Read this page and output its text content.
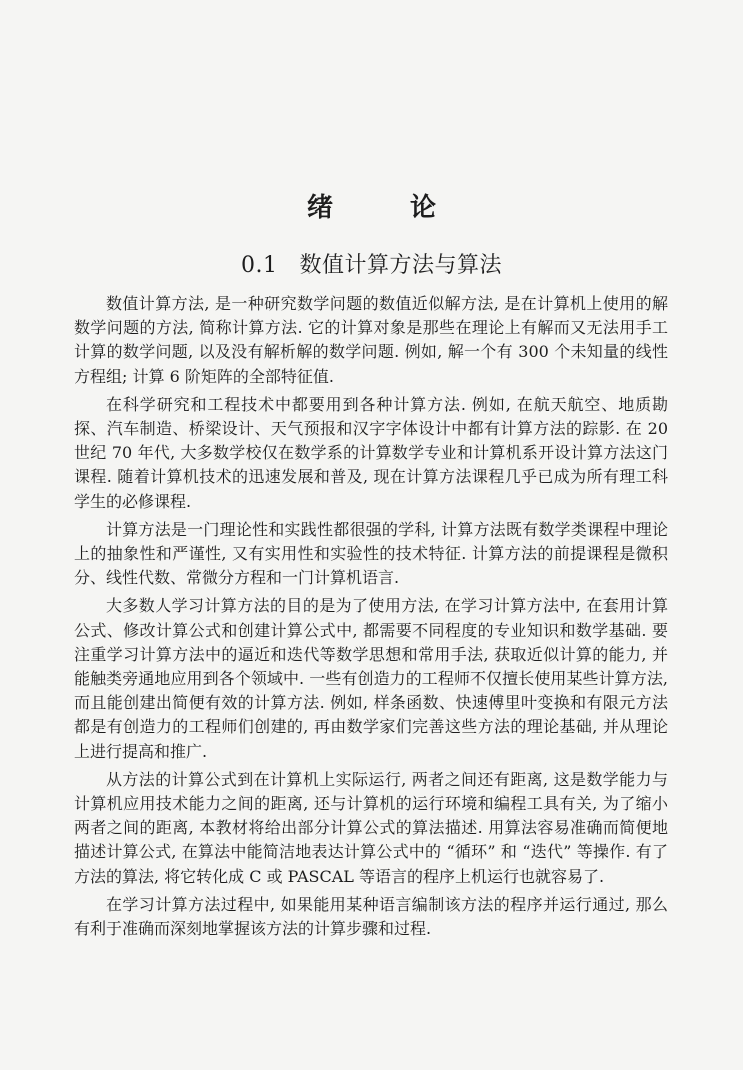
绪 论
0.1 数值计算方法与算法

数值计算方法, 是一种研究数学问题的数值近似解方法, 是在计算机上使用的解数学问题的方法, 简称计算方法. 它的计算对象是那些在理论上有解而又无法用手工计算的数学问题, 以及没有解析解的数学问题. 例如, 解一个有 300 个未知量的线性方程组; 计算 6 阶矩阵的全部特征值.

在科学研究和工程技术中都要用到各种计算方法. 例如, 在航天航空、地质勘探、汽车制造、桥梁设计、天气预报和汉字字体设计中都有计算方法的踪影. 在 20 世纪 70 年代, 大多数学校仅在数学系的计算数学专业和计算机系开设计算方法这门课程. 随着计算机技术的迅速发展和普及, 现在计算方法课程几乎已成为所有理工科学生的必修课程.

计算方法是一门理论性和实践性都很强的学科, 计算方法既有数学类课程中理论上的抽象性和严谨性, 又有实用性和实验性的技术特征. 计算方法的前提课程是微积分、线性代数、常微分方程和一门计算机语言.

大多数人学习计算方法的目的是为了使用方法, 在学习计算方法中, 在套用计算公式、修改计算公式和创建计算公式中, 都需要不同程度的专业知识和数学基础. 要注重学习计算方法中的逼近和迭代等数学思想和常用手法, 获取近似计算的能力, 并能触类旁通地应用到各个领域中. 一些有创造力的工程师不仅擅长使用某些计算方法, 而且能创建出简便有效的计算方法. 例如, 样条函数、快速傅里叶变换和有限元方法都是有创造力的工程师们创建的, 再由数学家们完善这些方法的理论基础, 并从理论上进行提高和推广.

从方法的计算公式到在计算机上实际运行, 两者之间还有距离, 这是数学能力与计算机应用技术能力之间的距离, 还与计算机的运行环境和编程工具有关, 为了缩小两者之间的距离, 本教材将给出部分计算公式的算法描述. 用算法容易准确而简便地描述计算公式, 在算法中能简洁地表达计算公式中的 “循环” 和 “迭代” 等操作. 有了方法的算法, 将它转化成 C 或 PASCAL 等语言的程序上机运行也就容易了.

在学习计算方法过程中, 如果能用某种语言编制该方法的程序并运行通过, 那么有利于准确而深刻地掌握该方法的计算步骤和过程.
